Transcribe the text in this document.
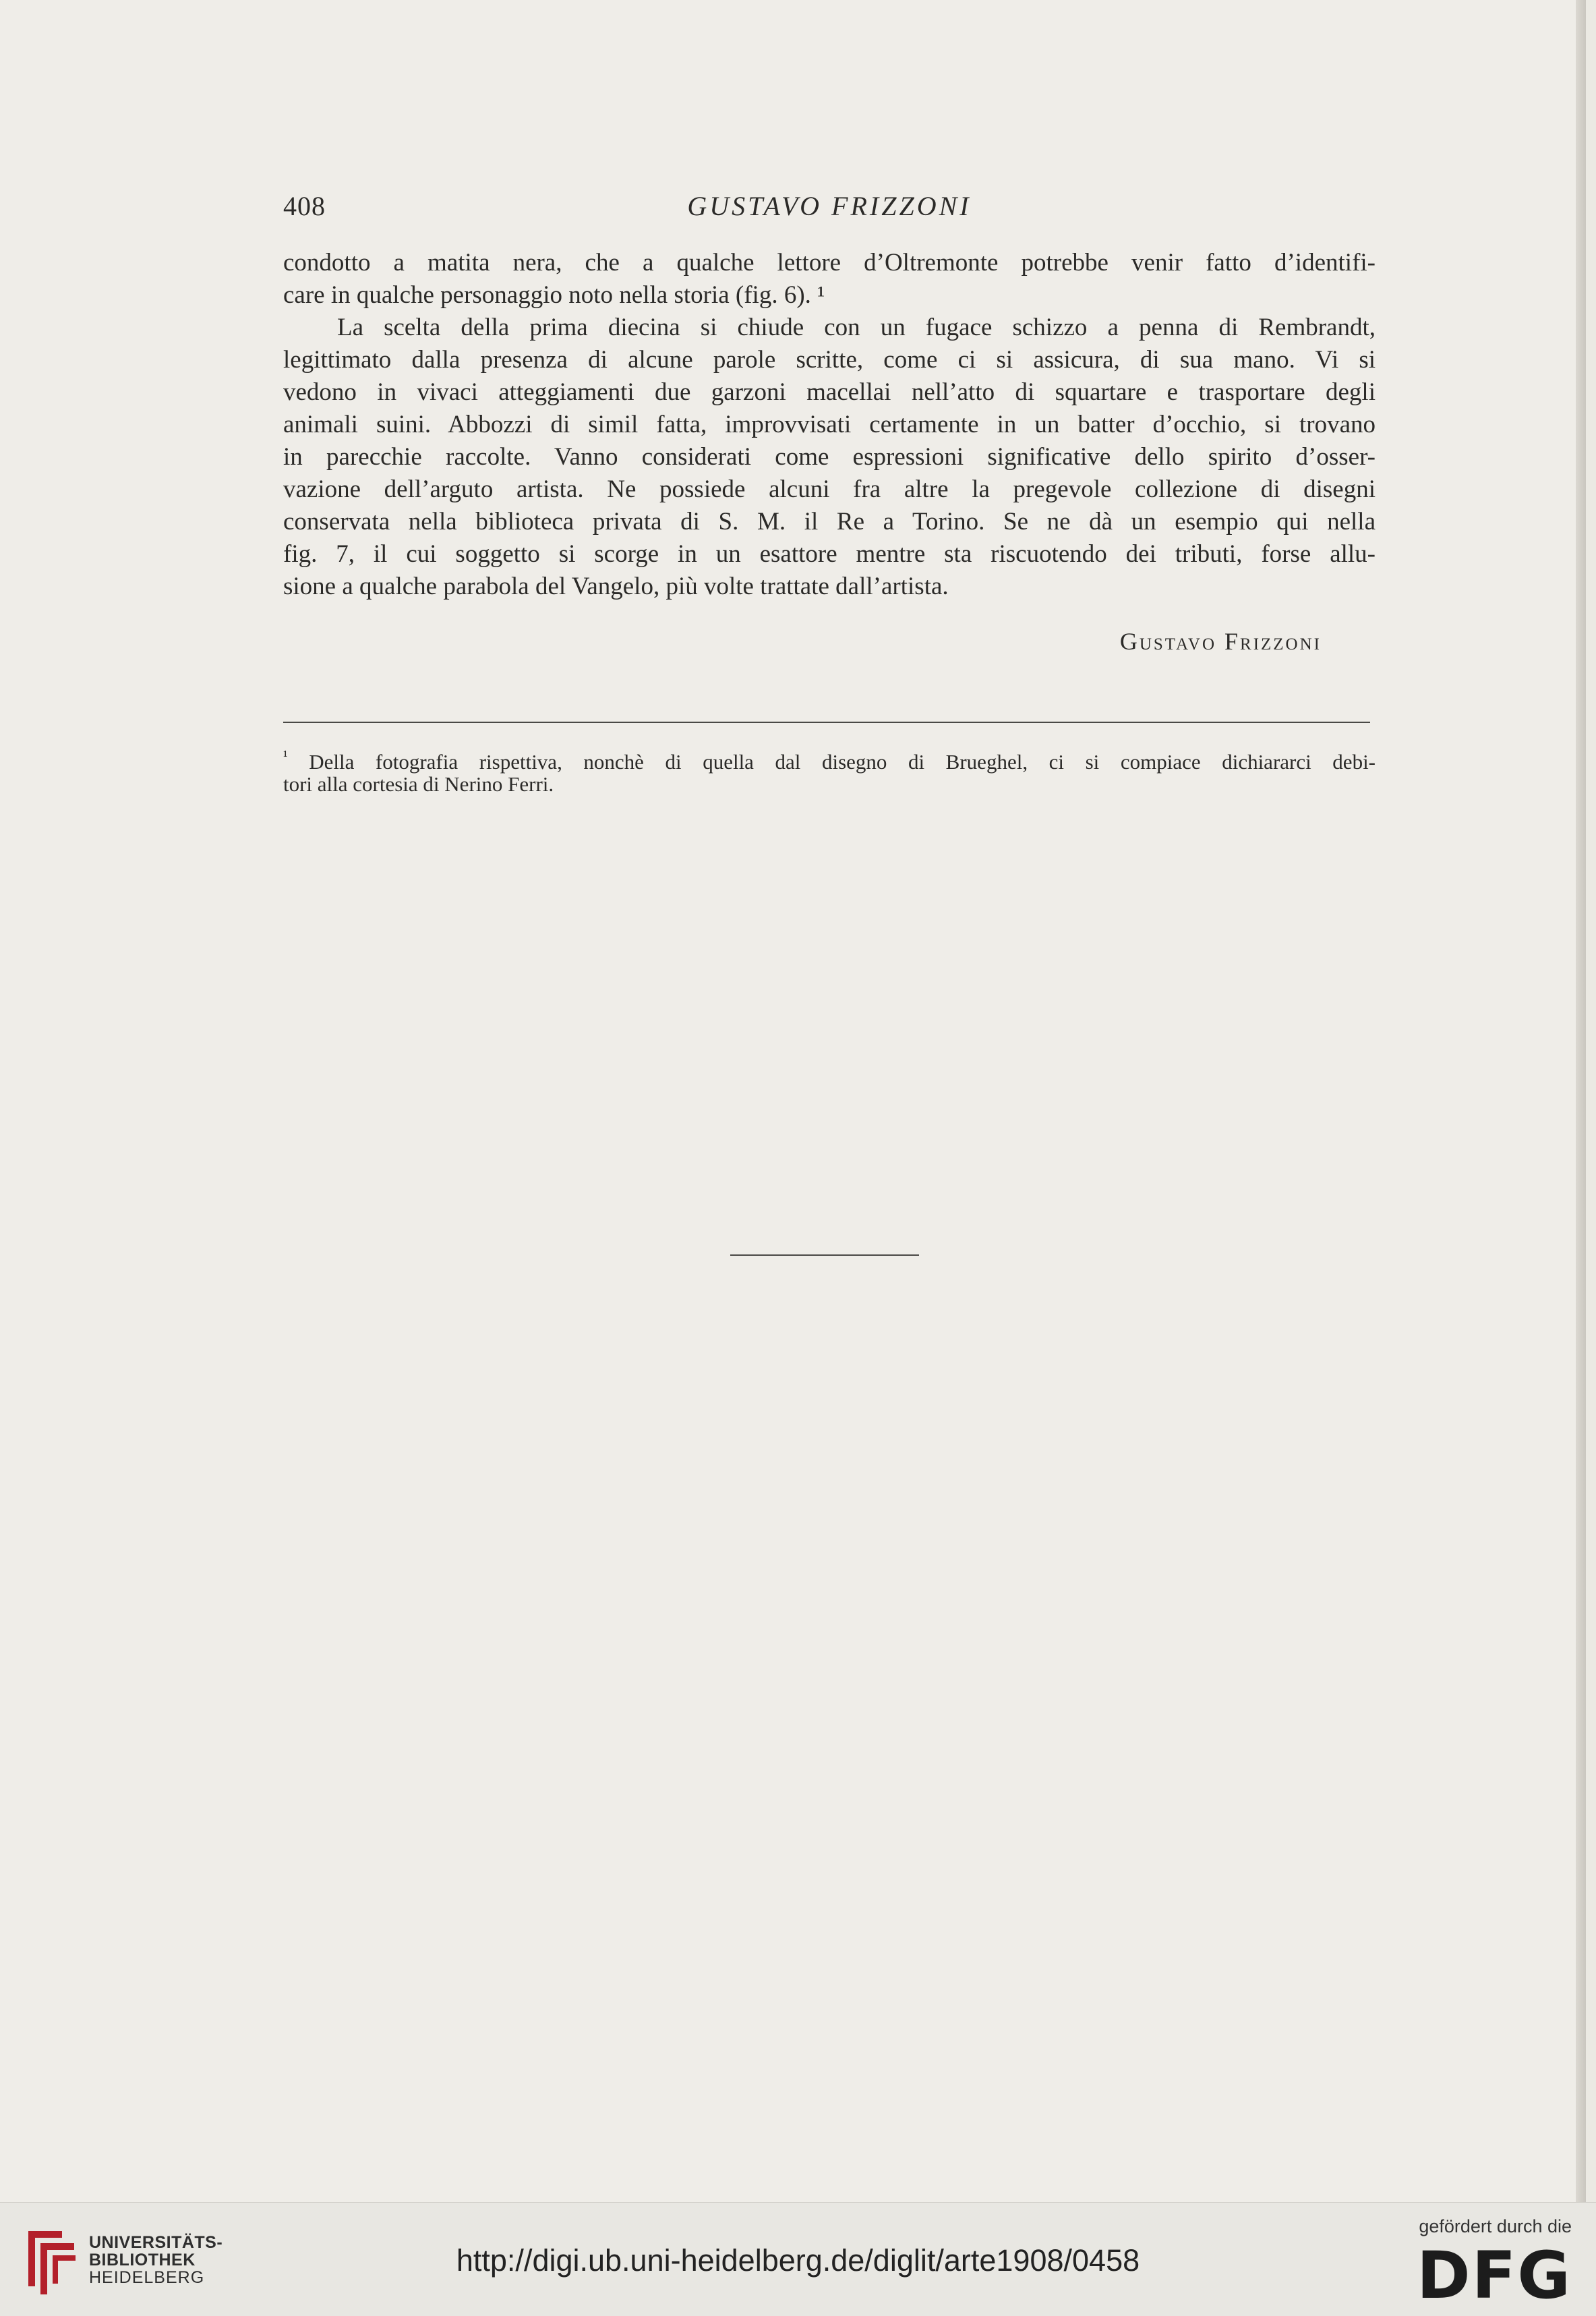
408	GUSTAVO FRIZZONI
condotto a matita nera, che a qualche lettore d’Oltremonte potrebbe venir fatto d’identifi-
care in qualche personaggio noto nella storia (fig. 6). ¹
La scelta della prima diecina si chiude con un fugace schizzo a penna di Rembrandt,
legittimato dalla presenza di alcune parole scritte, come ci si assicura, di sua mano. Vi si
vedono in vivaci atteggiamenti due garzoni macellai nell’atto di squartare e trasportare degli
animali suini. Abbozzi di simil fatta, improvvisati certamente in un batter d’occhio, si trovano
in parecchie raccolte. Vanno considerati come espressioni significative dello spirito d’osser-
vazione dell’arguto artista. Ne possiede alcuni fra altre la pregevole collezione di disegni
conservata nella biblioteca privata di S. M. il Re a Torino. Se ne dà un esempio qui nella
fig. 7, il cui soggetto si scorge in un esattore mentre sta riscuotendo dei tributi, forse allu-
sione a qualche parabola del Vangelo, più volte trattate dall’artista.
Gustavo Frizzoni
$^{^1}$ Della fotografia rispettiva, nonchè di quella dal disegno di Brueghel, ci si compiace dichiararci debi-
tori alla cortesia di Nerino Ferri.
UNIVERSITÄTS-
BIBLIOTHEK
HEIDELBERG	http://digi.ub.uni-heidelberg.de/diglit/arte1908/0458
gefördert durch die
DFG
